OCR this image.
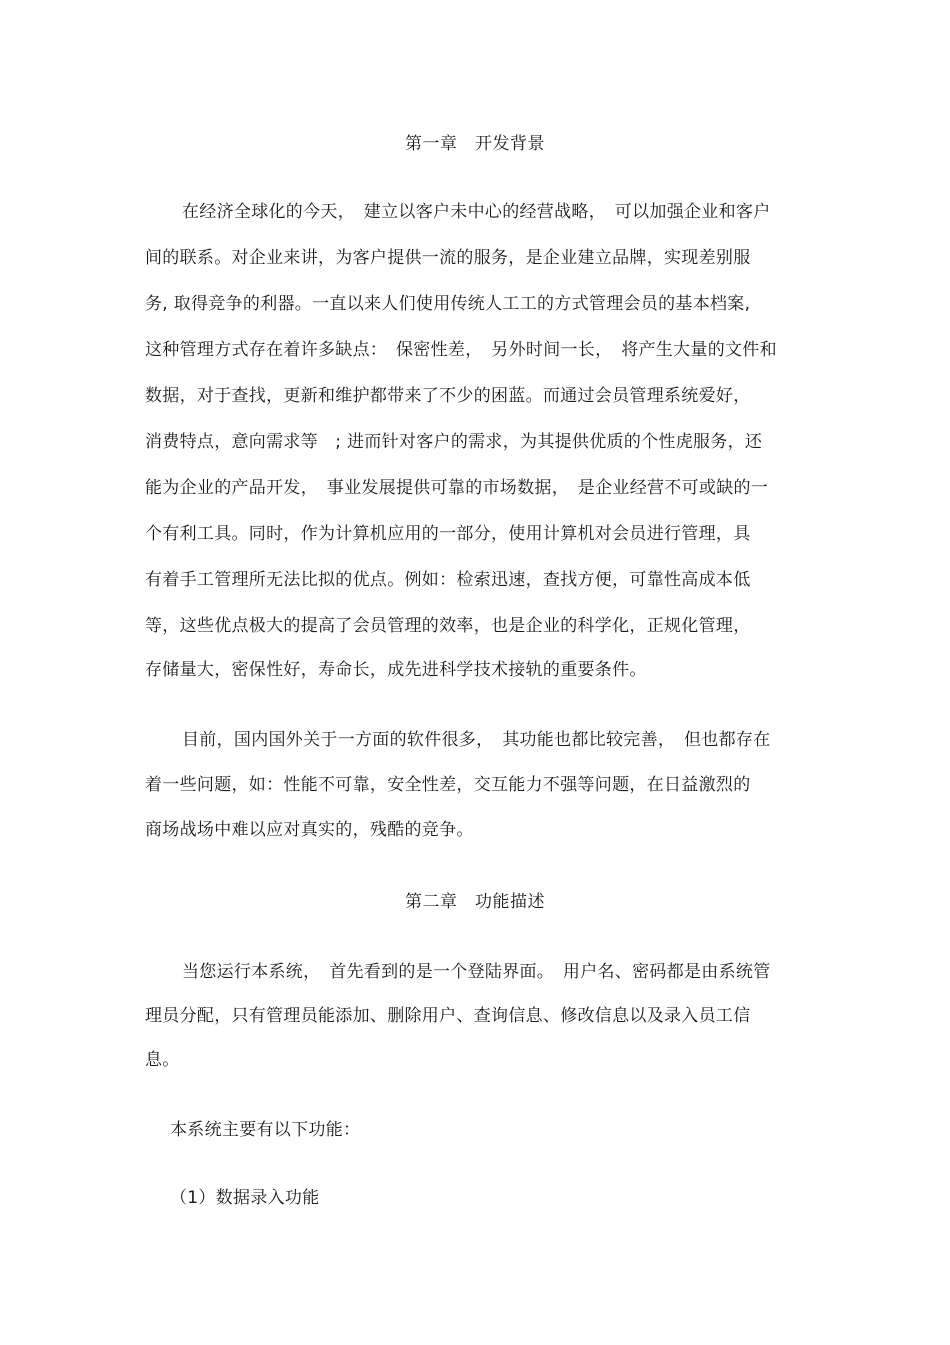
第一章　开发背景
在经济全球化的今天，　建立以客户未中心的经营战略，　可以加强企业和客户
间的联系。对企业来讲，为客户提供一流的服务，是企业建立品牌，实现差别服
务, 取得竞争的利器。一直以来人们使用传统人工工的方式管理会员的基本档案,
这种管理方式存在着许多缺点：　保密性差，　另外时间一长，　将产生大量的文件和
数据，对于查找，更新和维护都带来了不少的困蓝。而通过会员管理系统爱好，
消费特点，意向需求等　; 进而针对客户的需求，为其提供优质的个性虎服务，还
能为企业的产品开发，　事业发展提供可靠的市场数据，　是企业经营不可或缺的一
个有利工具。同时，作为计算机应用的一部分，使用计算机对会员进行管理，具
有着手工管理所无法比拟的优点。例如：检索迅速，查找方便，可靠性高成本低
等，这些优点极大的提高了会员管理的效率，也是企业的科学化，正规化管理，
存储量大，密保性好，寿命长，成先进科学技术接轨的重要条件。
目前，国内国外关于一方面的软件很多，　其功能也都比较完善，　但也都存在
着一些问题，如：性能不可靠，安全性差，交互能力不强等问题，在日益激烈的
商场战场中难以应对真实的，残酷的竞争。
第二章　功能描述
当您运行本系统，　首先看到的是一个登陆界面。　用户名、密码都是由系统管
理员分配，只有管理员能添加、删除用户、查询信息、修改信息以及录入员工信
息。
本系统主要有以下功能：
（1）数据录入功能
